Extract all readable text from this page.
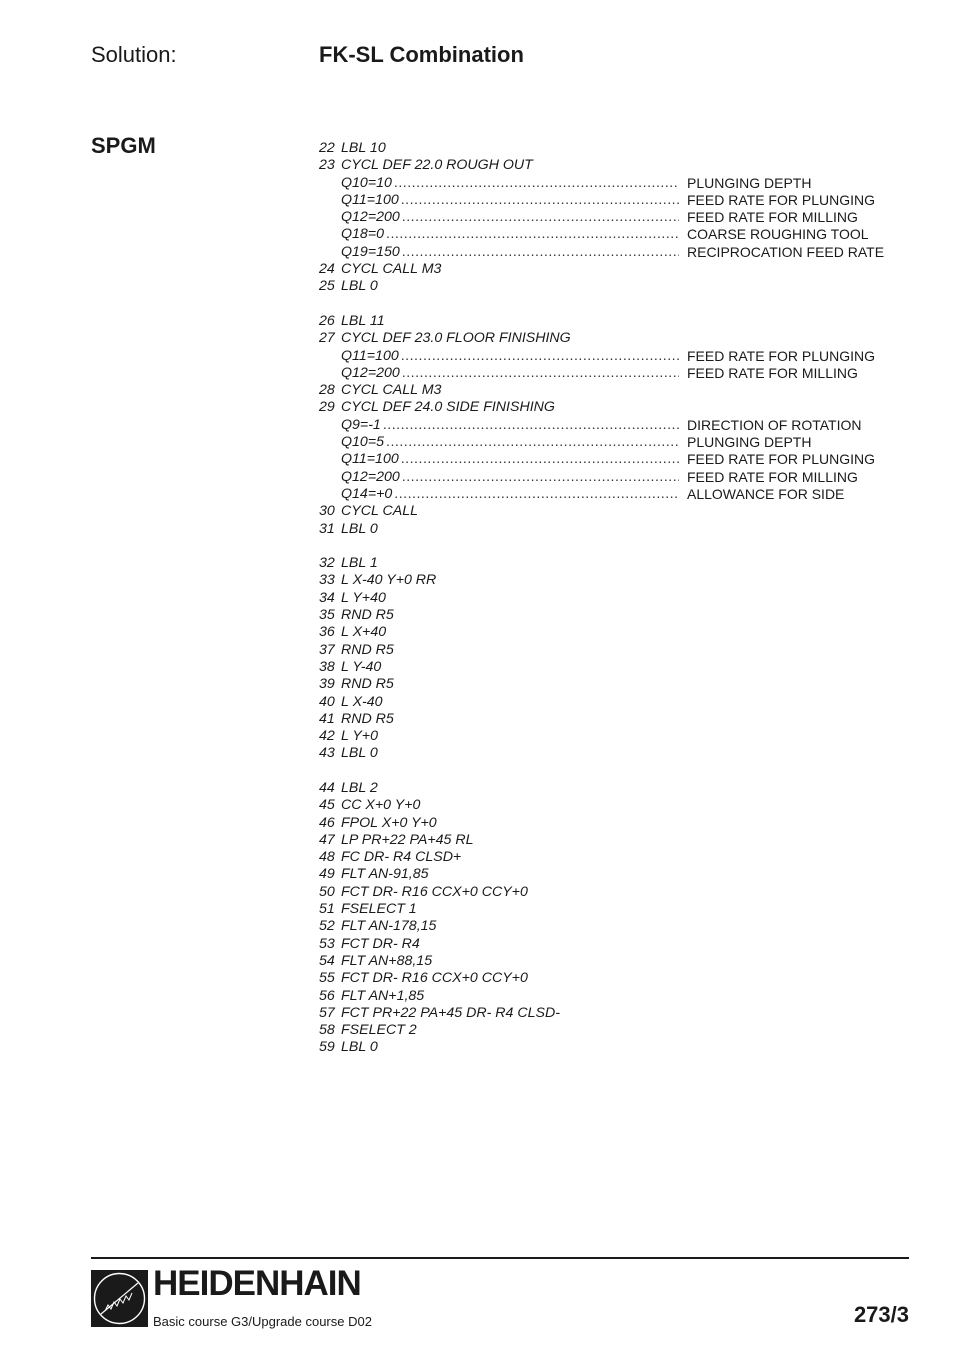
Solution:	FK-SL Combination
SPGM	22 LBL 10
23 CYCL DEF 22.0 ROUGH OUT
Q10=10 .....	PLUNGING DEPTH
Q11=100 .....	FEED RATE FOR PLUNGING
Q12=200 .....	FEED RATE FOR MILLING
Q18=0 .....	COARSE ROUGHING TOOL
Q19=150 .....	RECIPROCATION FEED RATE
24 CYCL CALL M3
25 LBL 0
26 LBL 11
27 CYCL DEF 23.0 FLOOR FINISHING
Q11=100 .....	FEED RATE FOR PLUNGING
Q12=200 .....	FEED RATE FOR MILLING
28 CYCL CALL M3
29 CYCL DEF 24.0 SIDE FINISHING
Q9=-1 .....	DIRECTION OF ROTATION
Q10=5 .....	PLUNGING DEPTH
Q11=100 .....	FEED RATE FOR PLUNGING
Q12=200 .....	FEED RATE FOR MILLING
Q14=+0 .....	ALLOWANCE FOR SIDE
30 CYCL CALL
31 LBL 0
32 LBL 1
33 L X-40 Y+0 RR
34 L Y+40
35 RND R5
36 L X+40
37 RND R5
38 L Y-40
39 RND R5
40 L X-40
41 RND R5
42 L Y+0
43 LBL 0
44 LBL 2
45 CC X+0 Y+0
46 FPOL X+0 Y+0
47 LP PR+22 PA+45 RL
48 FC DR- R4 CLSD+
49 FLT AN-91,85
50 FCT DR- R16 CCX+0 CCY+0
51 FSELECT 1
52 FLT AN-178,15
53 FCT DR- R4
54 FLT AN+88,15
55 FCT DR- R16 CCX+0 CCY+0
56 FLT AN+1,85
57 FCT PR+22 PA+45 DR- R4 CLSD-
58 FSELECT 2
59 LBL 0
HEIDENHAIN
Basic course G3/Upgrade course D02	273/3
